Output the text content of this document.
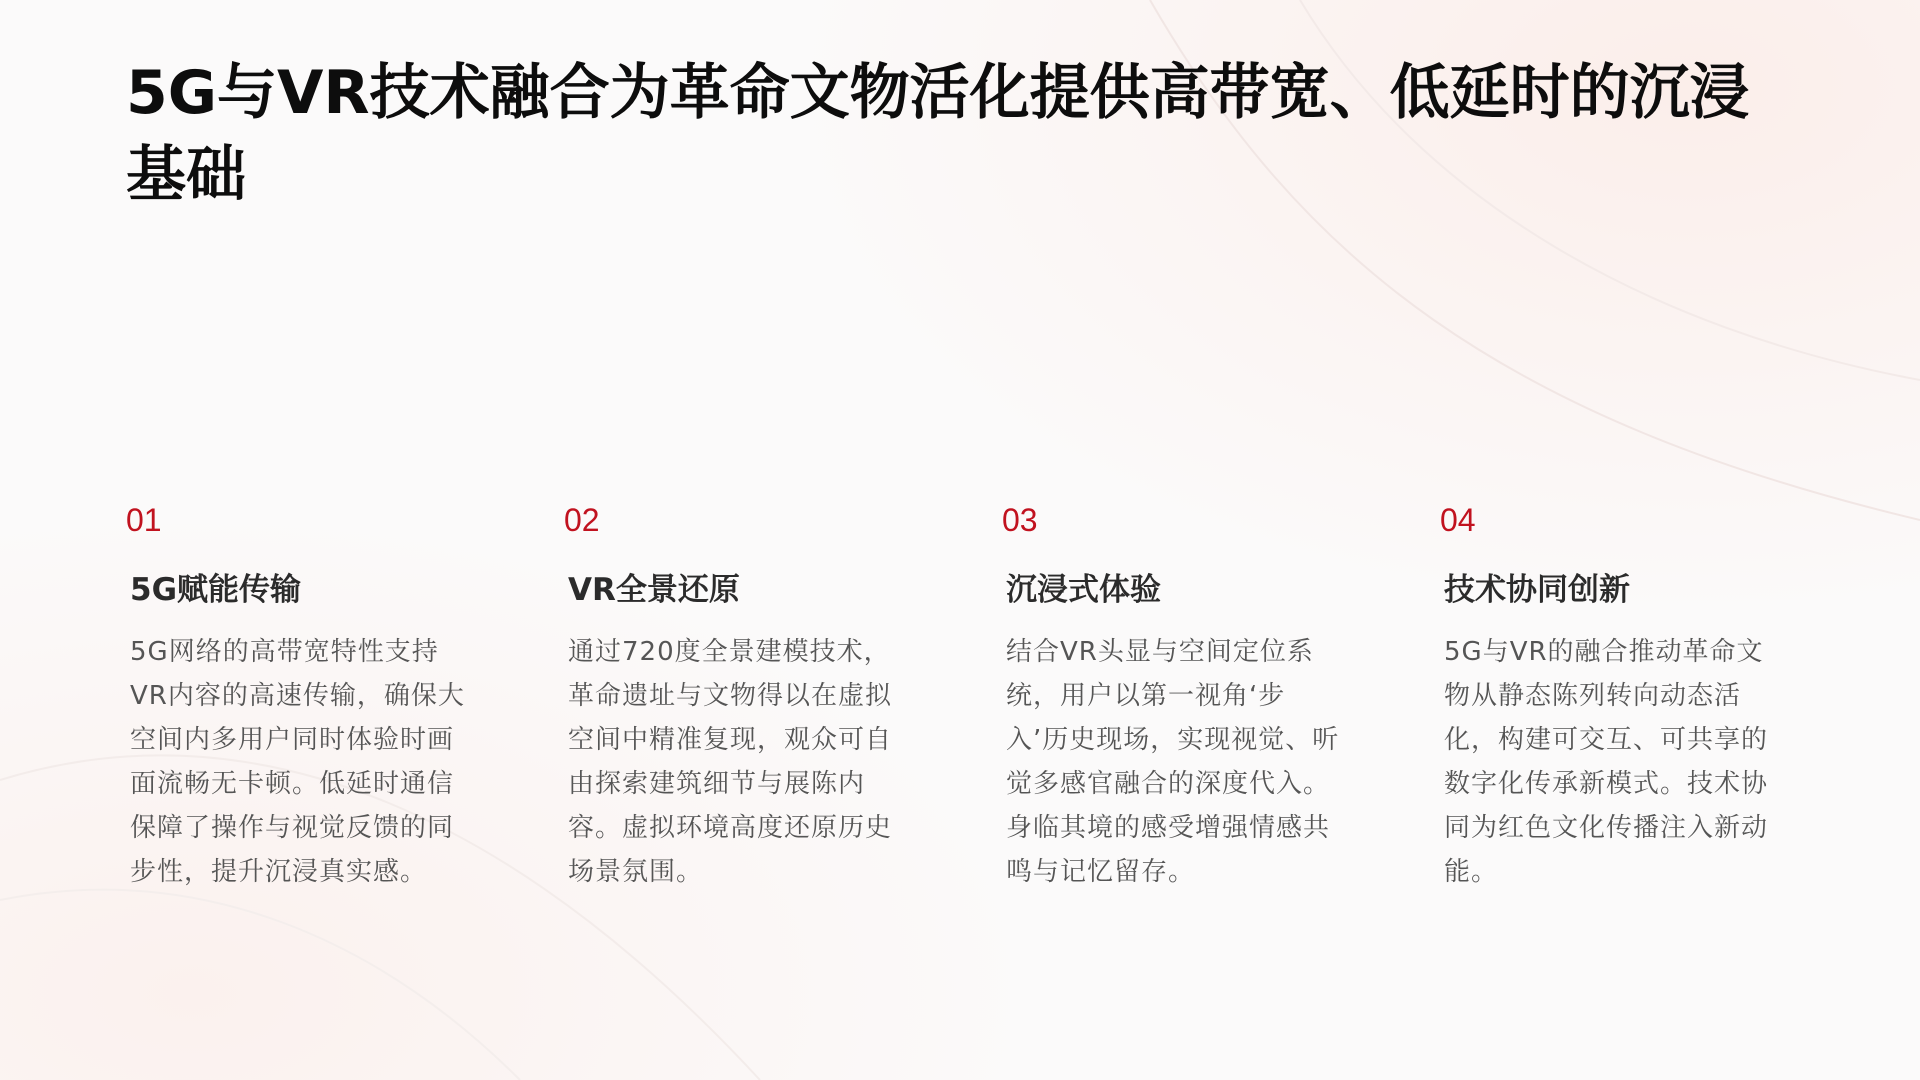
5G与VR技术融合为革命文物活化提供高带宽、低延时的沉浸基础
01
5G赋能传输
5G网络的高带宽特性支持VR内容的高速传输，确保大空间内多用户同时体验时画面流畅无卡顿。低延时通信保障了操作与视觉反馈的同步性，提升沉浸真实感。
02
VR全景还原
通过720度全景建模技术，革命遗址与文物得以在虚拟空间中精准复现，观众可自由探索建筑细节与展陈内容。虚拟环境高度还原历史场景氛围。
03
沉浸式体验
结合VR头显与空间定位系统，用户以第一视角‘步入’历史现场，实现视觉、听觉多感官融合的深度代入。身临其境的感受增强情感共鸣与记忆留存。
04
技术协同创新
5G与VR的融合推动革命文物从静态陈列转向动态活化，构建可交互、可共享的数字化传承新模式。技术协同为红色文化传播注入新动能。
